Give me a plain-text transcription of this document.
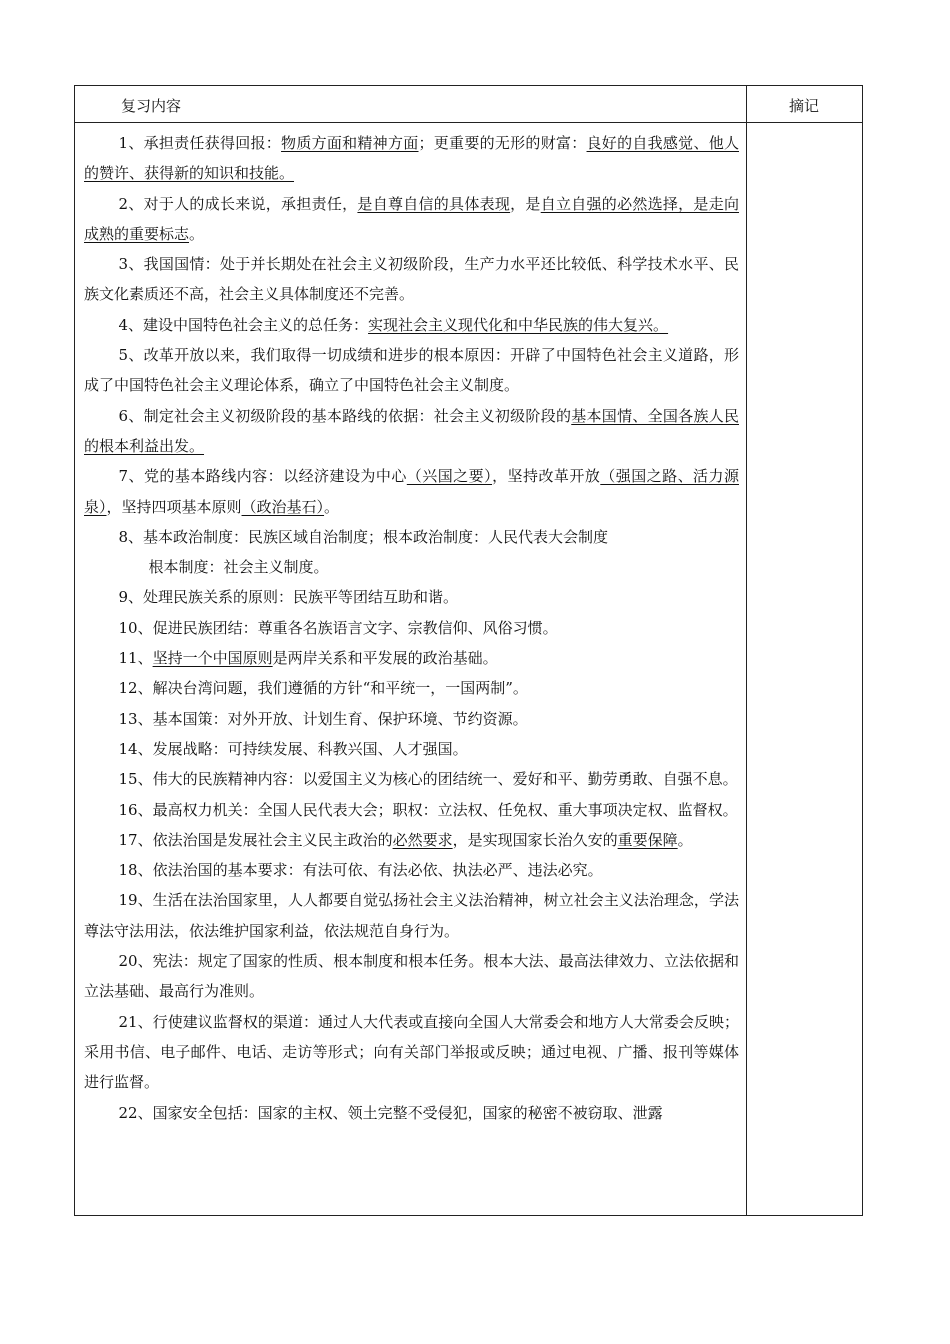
复习内容	摘记
1、承担责任获得回报：物质方面和精神方面；更重要的无形的财富：良好的自我感觉、他人的赞许、获得新的知识和技能。
2、对于人的成长来说，承担责任，是自尊自信的具体表现，是自立自强的必然选择，是走向成熟的重要标志。
3、我国国情：处于并长期处在社会主义初级阶段，生产力水平还比较低、科学技术水平、民族文化素质还不高，社会主义具体制度还不完善。
4、建设中国特色社会主义的总任务：实现社会主义现代化和中华民族的伟大复兴。
5、改革开放以来，我们取得一切成绩和进步的根本原因：开辟了中国特色社会主义道路，形成了中国特色社会主义理论体系，确立了中国特色社会主义制度。
6、制定社会主义初级阶段的基本路线的依据：社会主义初级阶段的基本国情、全国各族人民的根本利益出发。
7、党的基本路线内容：以经济建设为中心（兴国之要），坚持改革开放（强国之路、活力源泉），坚持四项基本原则（政治基石）。
8、基本政治制度：民族区域自治制度；根本政治制度：人民代表大会制度
根本制度：社会主义制度。
9、处理民族关系的原则：民族平等团结互助和谐。
10、促进民族团结：尊重各名族语言文字、宗教信仰、风俗习惯。
11、坚持一个中国原则是两岸关系和平发展的政治基础。
12、解决台湾问题，我们遵循的方针“和平统一，一国两制”。
13、基本国策：对外开放、计划生育、保护环境、节约资源。
14、发展战略：可持续发展、科教兴国、人才强国。
15、伟大的民族精神内容：以爱国主义为核心的团结统一、爱好和平、勤劳勇敢、自强不息。
16、最高权力机关：全国人民代表大会；职权：立法权、任免权、重大事项决定权、监督权。
17、依法治国是发展社会主义民主政治的必然要求，是实现国家长治久安的重要保障。
18、依法治国的基本要求：有法可依、有法必依、执法必严、违法必究。
19、生活在法治国家里，人人都要自觉弘扬社会主义法治精神，树立社会主义法治理念，学法尊法守法用法，依法维护国家利益，依法规范自身行为。
20、宪法：规定了国家的性质、根本制度和根本任务。根本大法、最高法律效力、立法依据和立法基础、最高行为准则。
21、行使建议监督权的渠道：通过人大代表或直接向全国人大常委会和地方人大常委会反映；采用书信、电子邮件、电话、走访等形式；向有关部门举报或反映；通过电视、广播、报刊等媒体进行监督。
22、国家安全包括：国家的主权、领土完整不受侵犯，国家的秘密不被窃取、泄露
